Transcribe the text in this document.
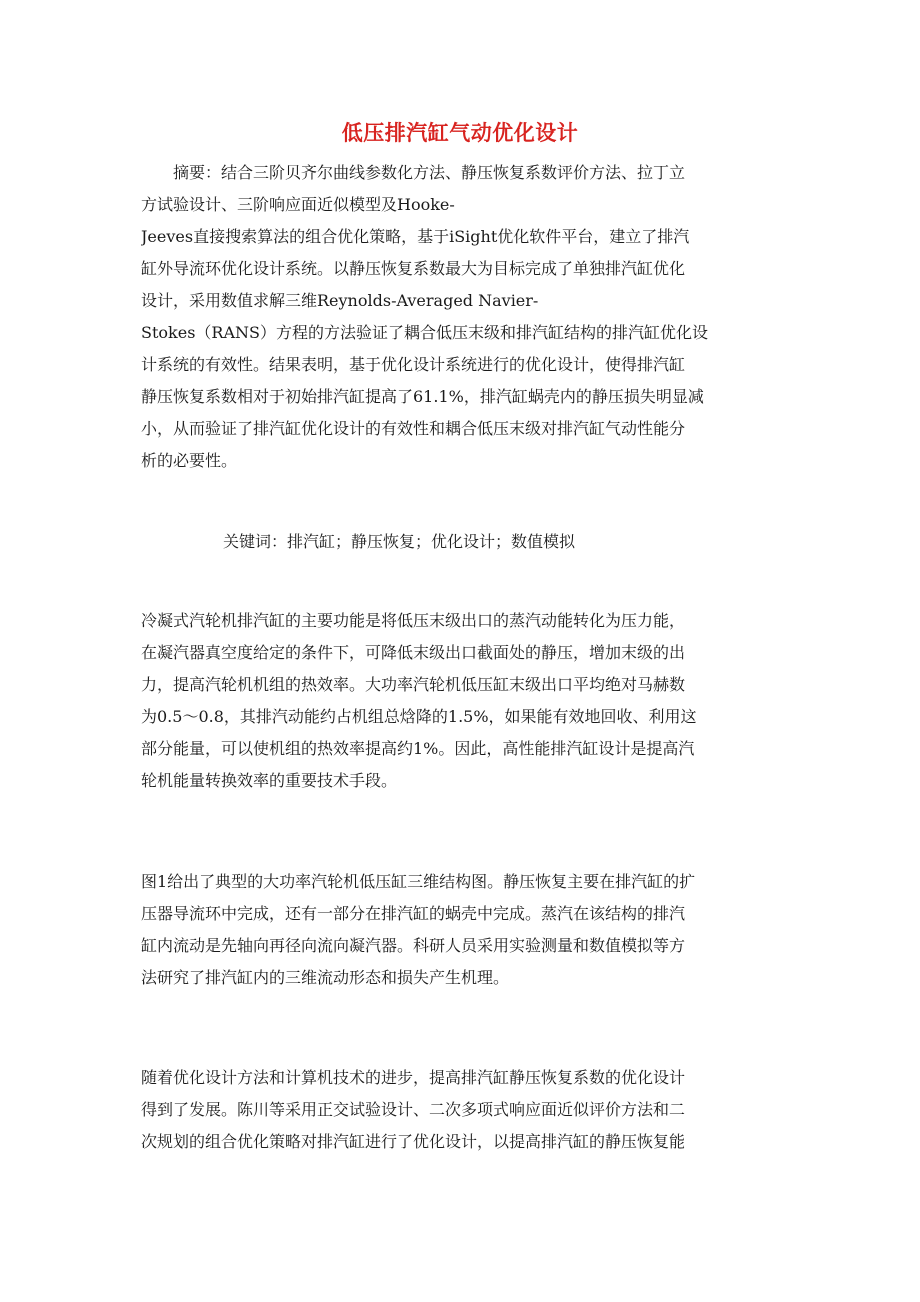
低压排汽缸气动优化设计
摘要：结合三阶贝齐尔曲线参数化方法、静压恢复系数评价方法、拉丁立
方试验设计、三阶响应面近似模型及Hooke-
Jeeves直接搜索算法的组合优化策略，基于iSight优化软件平台，建立了排汽
缸外导流环优化设计系统。以静压恢复系数最大为目标完成了单独排汽缸优化
设计，采用数值求解三维Reynolds-Averaged Navier-
Stokes（RANS）方程的方法验证了耦合低压末级和排汽缸结构的排汽缸优化设
计系统的有效性。结果表明，基于优化设计系统进行的优化设计，使得排汽缸
静压恢复系数相对于初始排汽缸提高了61.1%，排汽缸蜗壳内的静压损失明显减
小，从而验证了排汽缸优化设计的有效性和耦合低压末级对排汽缸气动性能分
析的必要性。
关键词：排汽缸；静压恢复；优化设计；数值模拟
冷凝式汽轮机排汽缸的主要功能是将低压末级出口的蒸汽动能转化为压力能，
在凝汽器真空度给定的条件下，可降低末级出口截面处的静压，增加末级的出
力，提高汽轮机机组的热效率。大功率汽轮机低压缸末级出口平均绝对马赫数
为0.5～0.8，其排汽动能约占机组总焓降的1.5%，如果能有效地回收、利用这
部分能量，可以使机组的热效率提高约1%。因此，高性能排汽缸设计是提高汽
轮机能量转换效率的重要技术手段。
图1给出了典型的大功率汽轮机低压缸三维结构图。静压恢复主要在排汽缸的扩
压器导流环中完成，还有一部分在排汽缸的蜗壳中完成。蒸汽在该结构的排汽
缸内流动是先轴向再径向流向凝汽器。科研人员采用实验测量和数值模拟等方
法研究了排汽缸内的三维流动形态和损失产生机理。
随着优化设计方法和计算机技术的进步，提高排汽缸静压恢复系数的优化设计
得到了发展。陈川等采用正交试验设计、二次多项式响应面近似评价方法和二
次规划的组合优化策略对排汽缸进行了优化设计，以提高排汽缸的静压恢复能
